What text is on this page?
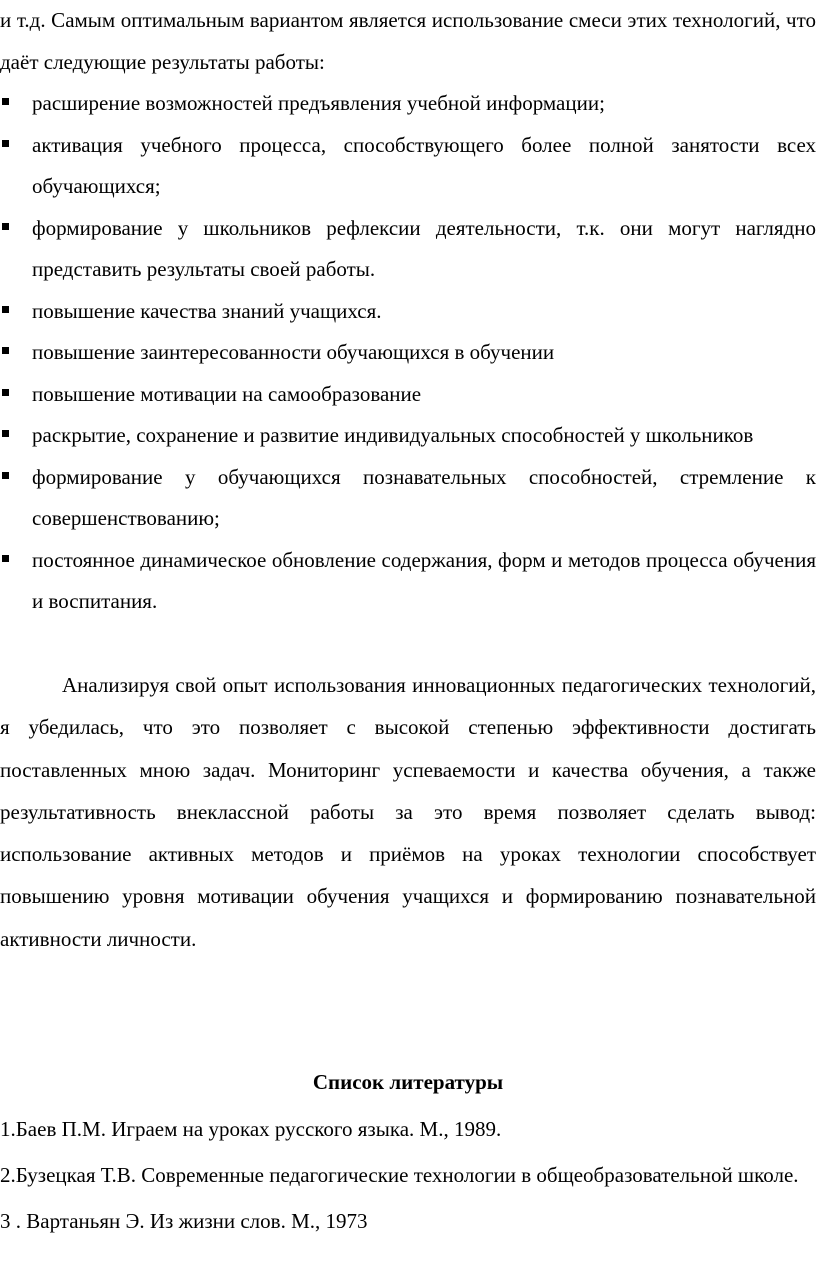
и т.д. Самым оптимальным вариантом является использование смеси этих технологий, что даёт следующие результаты работы:

расширение возможностей предъявления учебной информации;
активация учебного процесса, способствующего более полной занятости всех обучающихся;
формирование у школьников рефлексии деятельности, т.к. они могут наглядно представить результаты своей работы.
повышение качества знаний учащихся.
повышение заинтересованности обучающихся в обучении
повышение мотивации на самообразование
раскрытие, сохранение и развитие индивидуальных способностей у школьников
формирование у обучающихся познавательных способностей, стремление к совершенствованию;
постоянное динамическое обновление содержания, форм и методов процесса обучения и воспитания.

Анализируя свой опыт использования инновационных педагогических технологий, я убедилась, что это позволяет с высокой степенью эффективности достигать поставленных мною задач. Мониторинг успеваемости и качества обучения, а также результативность внеклассной работы за это время позволяет сделать вывод: использование активных методов и приёмов на уроках технологии способствует повышению уровня мотивации обучения учащихся и формированию познавательной активности личности.

Список литературы
1.Баев П.М. Играем на уроках русского языка. М., 1989.
2.Бузецкая Т.В. Современные педагогические технологии в общеобразовательной школе.
3 . Вартаньян Э. Из жизни слов. М., 1973
